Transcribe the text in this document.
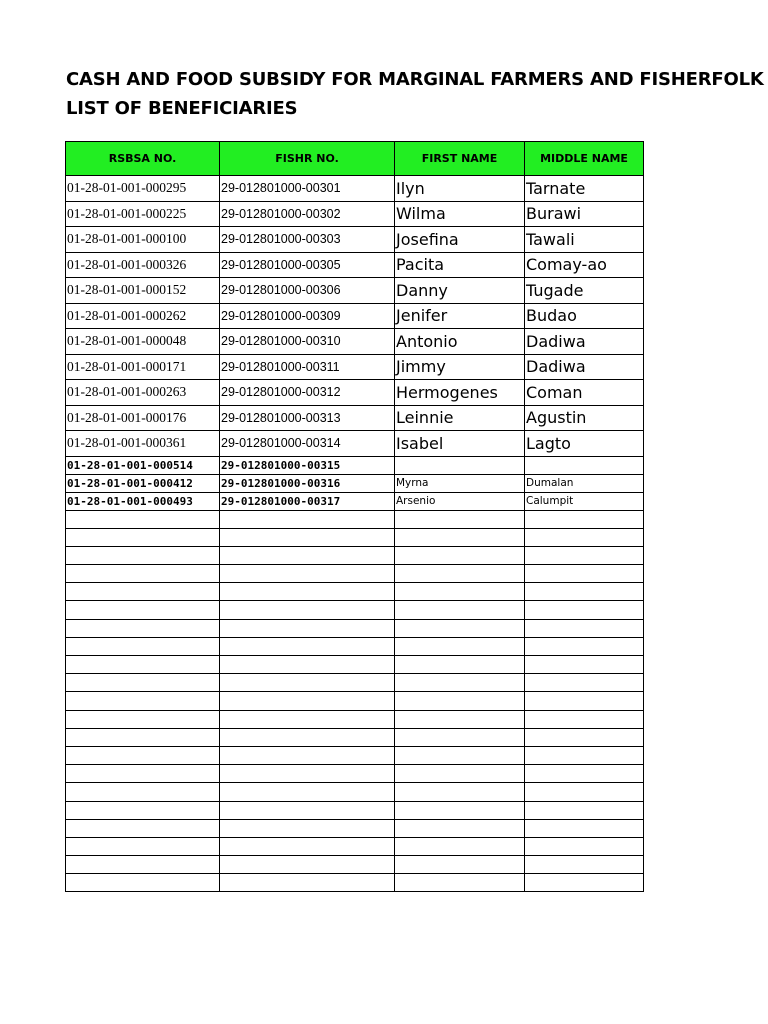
CASH AND FOOD SUBSIDY FOR MARGINAL FARMERS AND FISHERFOLK
LIST OF BENEFICIARIES
RSBSA NO.	FISHR NO.	FIRST NAME	MIDDLE NAME
01-28-01-001-000295	29-012801000-00301	Ilyn	Tarnate
01-28-01-001-000225	29-012801000-00302	Wilma	Burawi
01-28-01-001-000100	29-012801000-00303	Josefina	Tawali
01-28-01-001-000326	29-012801000-00305	Pacita	Comay-ao
01-28-01-001-000152	29-012801000-00306	Danny	Tugade
01-28-01-001-000262	29-012801000-00309	Jenifer	Budao
01-28-01-001-000048	29-012801000-00310	Antonio	Dadiwa
01-28-01-001-000171	29-012801000-00311	Jimmy	Dadiwa
01-28-01-001-000263	29-012801000-00312	Hermogenes	Coman
01-28-01-001-000176	29-012801000-00313	Leinnie	Agustin
01-28-01-001-000361	29-012801000-00314	Isabel	Lagto
01-28-01-001-000514	29-012801000-00315		
01-28-01-001-000412	29-012801000-00316	Myrna	Dumalan
01-28-01-001-000493	29-012801000-00317	Arsenio	Calumpit
